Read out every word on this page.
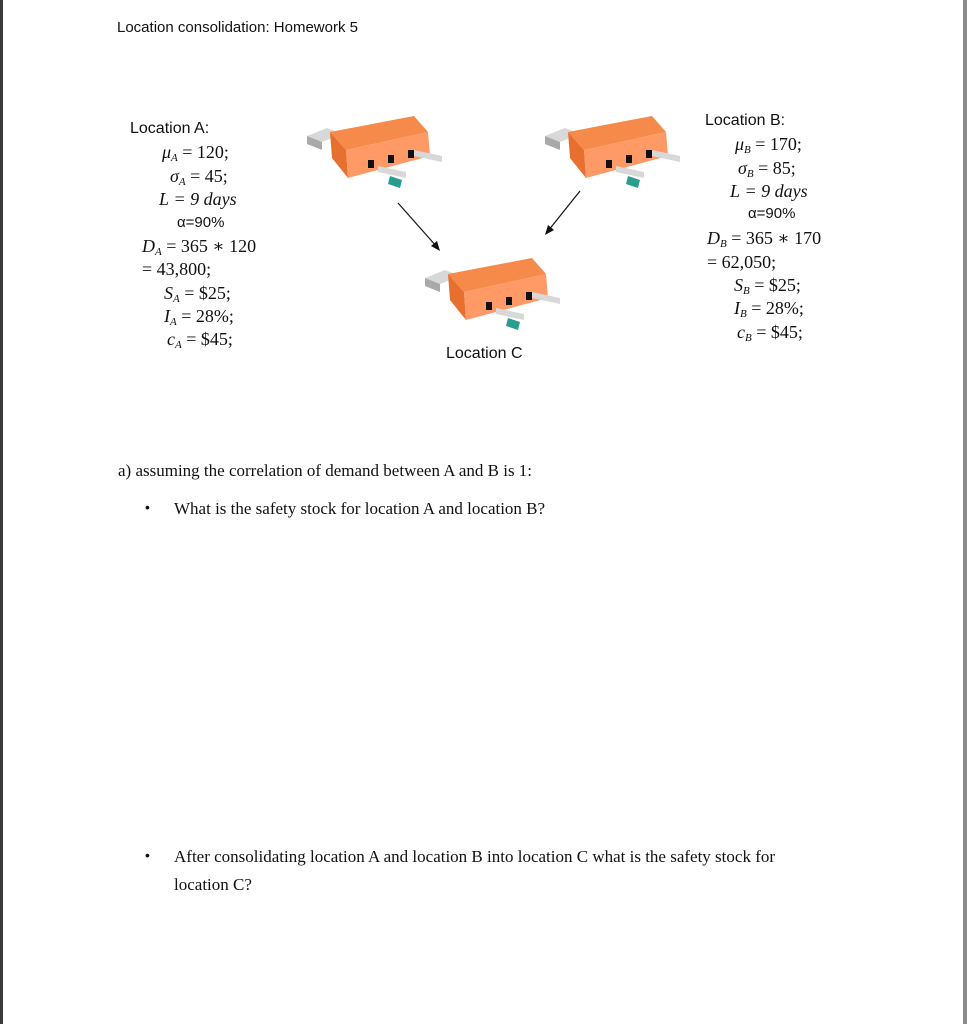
Location consolidation: Homework 5
Location A:
$\mu_A = 120$;
$\sigma_A = 45$;
L = 9 days
α=90%
$D_A = 365$ ∗ 120
= 43,800;
$S_A$ = $25;
$I_A = 28\%$;
$c_A$ = $45;
Location B:
$\mu_B = 170$;
$\sigma_B = 85$;
L = 9 days
α=90%
$D_B = 365$ ∗ 170
= 62,050;
$S_B$ = $25;
$I_B = 28\%$;
$c_B$ = $45;
Location C
a) assuming the correlation of demand between A and B is 1:
• What is the safety stock for location A and location B?
• After consolidating location A and location B into location C what is the safety stock for
location C?
